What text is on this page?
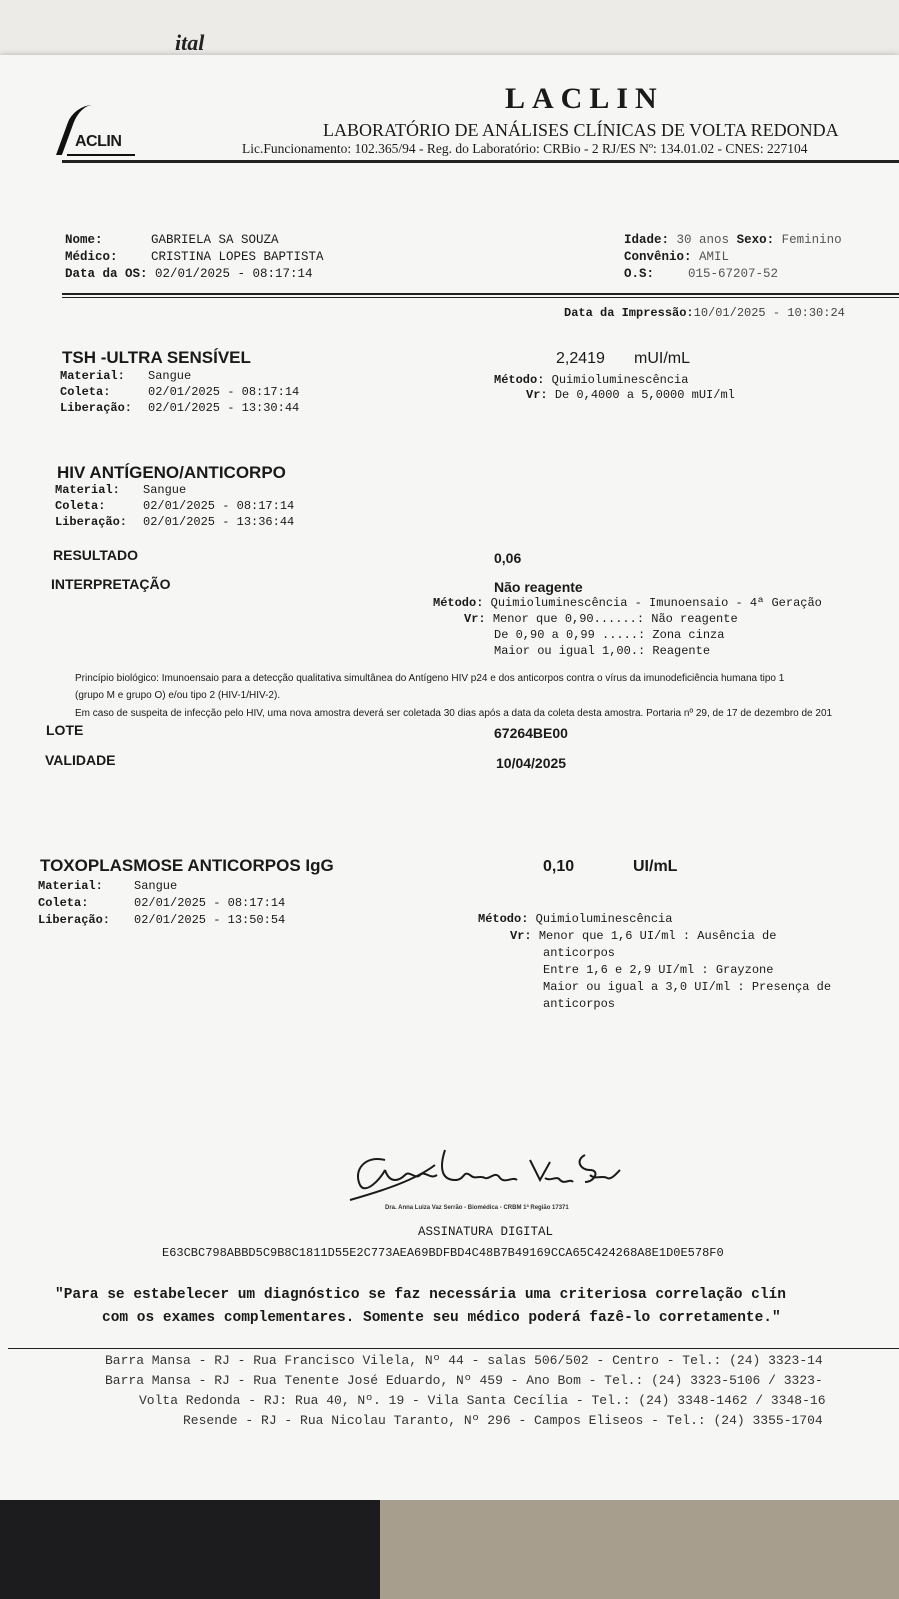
ital
ACLIN
LACLIN
LABORATÓRIO DE ANÁLISES CLÍNICAS DE VOLTA REDONDA
Lic.Funcionamento: 102.365/94 - Reg. do Laboratório: CRBio - 2 RJ/ES Nº: 134.01.02 - CNES: 227104
Nome:	GABRIELA SA SOUZA
Médico:	CRISTINA LOPES BAPTISTA
Data da OS: 02/01/2025 - 08:17:14
Idade: 30 anos Sexo: Feminino
Convênio: AMIL
O.S:	015-67207-52
Data da Impressão:10/01/2025 - 10:30:24
TSH -ULTRA SENSÍVEL	2,2419 mUI/mL
Material: Sangue
Coleta:	02/01/2025 - 08:17:14
Liberação: 02/01/2025 - 13:30:44
Método: Quimioluminescência
Vr: De 0,4000 a 5,0000 mUI/ml
HIV ANTÍGENO/ANTICORPO
Material: Sangue
Coleta:	02/01/2025 - 08:17:14
Liberação: 02/01/2025 - 13:36:44
RESULTADO	0,06
INTERPRETAÇÃO	Não reagente
Método: Quimioluminescência - Imunoensaio - 4ª Geração
Vr: Menor que 0,90......: Não reagente
De 0,90 a 0,99 .....: Zona cinza
Maior ou igual 1,00.: Reagente
Princípio biológico: Imunoensaio para a detecção qualitativa simultânea do Antígeno HIV p24 e dos anticorpos contra o vírus da imunodeficiência humana tipo 1
(grupo M e grupo O) e/ou tipo 2 (HIV-1/HIV-2).
Em caso de suspeita de infecção pelo HIV, uma nova amostra deverá ser coletada 30 dias após a data da coleta desta amostra. Portaria nº 29, de 17 de dezembro de 201
LOTE	67264BE00
VALIDADE	10/04/2025
TOXOPLASMOSE ANTICORPOS IgG	0,10	UI/mL
Material:	Sangue
Coleta:	02/01/2025 - 08:17:14
Liberação: 02/01/2025 - 13:50:54	Método: Quimioluminescência
Vr: Menor que 1,6 UI/ml : Ausência de
anticorpos
Entre 1,6 e 2,9 UI/ml : Grayzone
Maior ou igual a 3,0 UI/ml : Presença de
anticorpos
Dra. Anna Luiza Vaz Serrão - Biomédica - CRBM 1ª Região 17371
ASSINATURA DIGITAL
E63CBC798ABBD5C9B8C1811D55E2C773AEA69BDFBD4C48B7B49169CCA65C424268A8E1D0E578F0
"Para se estabelecer um diagnóstico se faz necessária uma criteriosa correlação clín
com os exames complementares. Somente seu médico poderá fazê-lo corretamente."
Barra Mansa - RJ - Rua Francisco Vilela, Nº 44 - salas 506/502 - Centro - Tel.: (24) 3323-14
Barra Mansa - RJ - Rua Tenente José Eduardo, Nº 459 - Ano Bom - Tel.: (24) 3323-5106 / 3323-
Volta Redonda - RJ: Rua 40, Nº. 19 - Vila Santa Cecília - Tel.: (24) 3348-1462 / 3348-16
Resende - RJ - Rua Nicolau Taranto, Nº 296 - Campos Eliseos - Tel.: (24) 3355-1704
